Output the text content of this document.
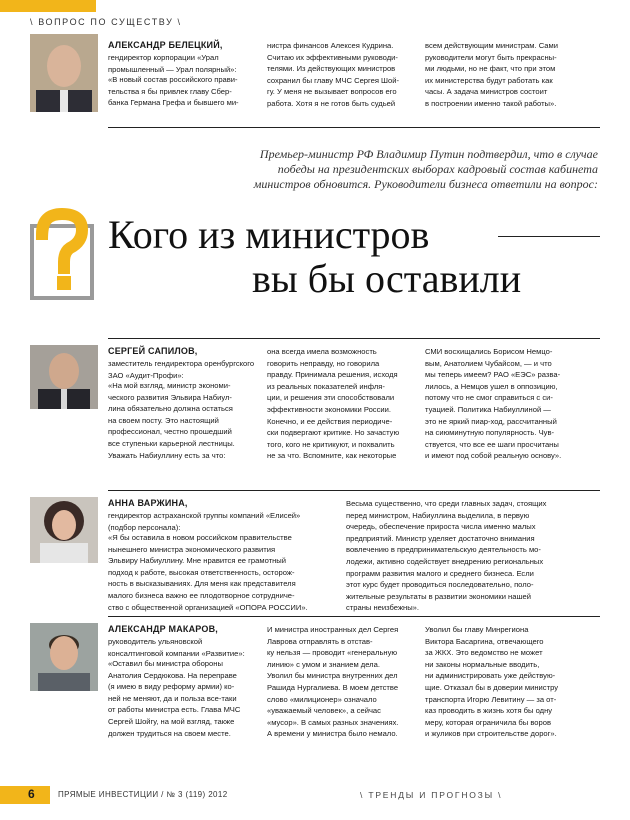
\ ВОПРОС ПО СУЩЕСТВУ \
АЛЕКСАНДР БЕЛЕЦКИЙ,
гендиректор корпорации «Урал
промышленный — Урал полярный»:
«В новый состав российского прави-
тельства я бы привлек главу Сбер-
банка Германа Грефа и бывшего ми-
нистра финансов Алексея Кудрина.
Считаю их эффективными руководи-
телями. Из действующих министров
сохранил бы главу МЧС Сергея Шой-
гу. У меня не вызывает вопросов его
работа. Хотя я не готов быть судьей
всем действующим министрам. Сами
руководители могут быть прекрасны-
ми людьми, но не факт, что при этом
их министерства будут работать как
часы. А задача министров состоит
в построении именно такой работы».
Премьер-министр РФ Владимир Путин подтвердил, что в случае
победы на президентских выборах кадровый состав кабинета
министров обновится. Руководители бизнеса ответили на вопрос:
Кого из министров
вы бы оставили
СЕРГЕЙ САПИЛОВ,
заместитель гендиректора оренбургского
ЗАО «Аудит-Профи»:
«На мой взгляд, министр экономи-
ческого развития Эльвира Набиул-
лина обязательно должна остаться
на своем посту. Это настоящий
профессионал, честно прошедший
все ступеньки карьерной лестницы.
Уважать Набиуллину есть за что:
она всегда имела возможность
говорить неправду, но говорила
правду. Принимала решения, исходя
из реальных показателей инфля-
ции, и решения эти способствовали
эффективности экономики России.
Конечно, и ее действия периодиче-
ски подвергают критике. Но зачастую
того, кого не критикуют, и похвалить
не за что. Вспомните, как некоторые
СМИ восхищались Борисом Немцо-
вым, Анатолием Чубайсом, — и что
мы теперь имеем? РАО «ЕЭС» развa-
лилось, а Немцов ушел в оппозицию,
потому что не смог справиться с си-
туацией. Политика Набиуллиной —
это не яркий пиар-ход, рассчитанный
на сиюминутную популярность. Чув-
ствуется, что все ее шаги просчитаны
и имеют под собой реальную основу».
АННА ВАРЖИНА,
гендиректор астраханской группы компаний «Елисей»
(подбор персонала):
«Я бы оставила в новом российском правительстве
нынешнего министра экономического развития
Эльвиру Набиуллину. Мне нравится ее грамотный
подход к работе, высокая ответственность, осторож-
ность в высказываниях. Для меня как представителя
малого бизнеса важно ее плодотворное сотрудниче-
ство с общественной организацией «ОПОРА РОССИИ».
Весьма существенно, что среди главных задач, стоящих
перед министром, Набиуллина выделила, в первую
очередь, обеспечение прироста числа именно малых
предприятий. Министр уделяет достаточно внимания
вовлечению в предпринимательскую деятельность мо-
лодежи, активно содействует внедрению региональных
программ развития малого и среднего бизнеса. Если
этот курс будет проводиться последовательно, поло-
жительные результаты в развитии экономики нашей
страны неизбежны».
АЛЕКСАНДР МАКАРОВ,
руководитель ульяновской
консалтинговой компании «Развитие»:
«Оставил бы министра обороны
Анатолия Сердюкова. На переправе
(я имею в виду реформу армии) ко-
ней не меняют, да и польза все-таки
от работы министра есть. Глава МЧС
Сергей Шойгу, на мой взгляд, также
должен трудиться на своем месте.
И министра иностранных дел Сергея
Лаврова отправлять в отстав-
ку нельзя — проводит «генеральную
линию» с умом и знанием дела.
Уволил бы министра внутренних дел
Рашида Нургалиева. В моем детстве
слово «милиционер» означало
«уважаемый человек», а сейчас
«мусор». В самых разных значениях.
А времени у министра было немало.
Уволил бы главу Минрегиона
Виктора Басаргина, отвечающего
за ЖКХ. Это ведомство не может
ни законы нормальные вводить,
ни администрировать уже действую-
щие. Отказал бы в доверии министру
транспорта Игорю Левитину — за от-
каз проводить в жизнь хотя бы одну
меру, которая ограничила бы воров
и жуликов при строительстве дорог».
6	ПРЯМЫЕ ИНВЕСТИЦИИ / № 3 (119) 2012	\ ТРЕНДЫ И ПРОГНОЗЫ \
